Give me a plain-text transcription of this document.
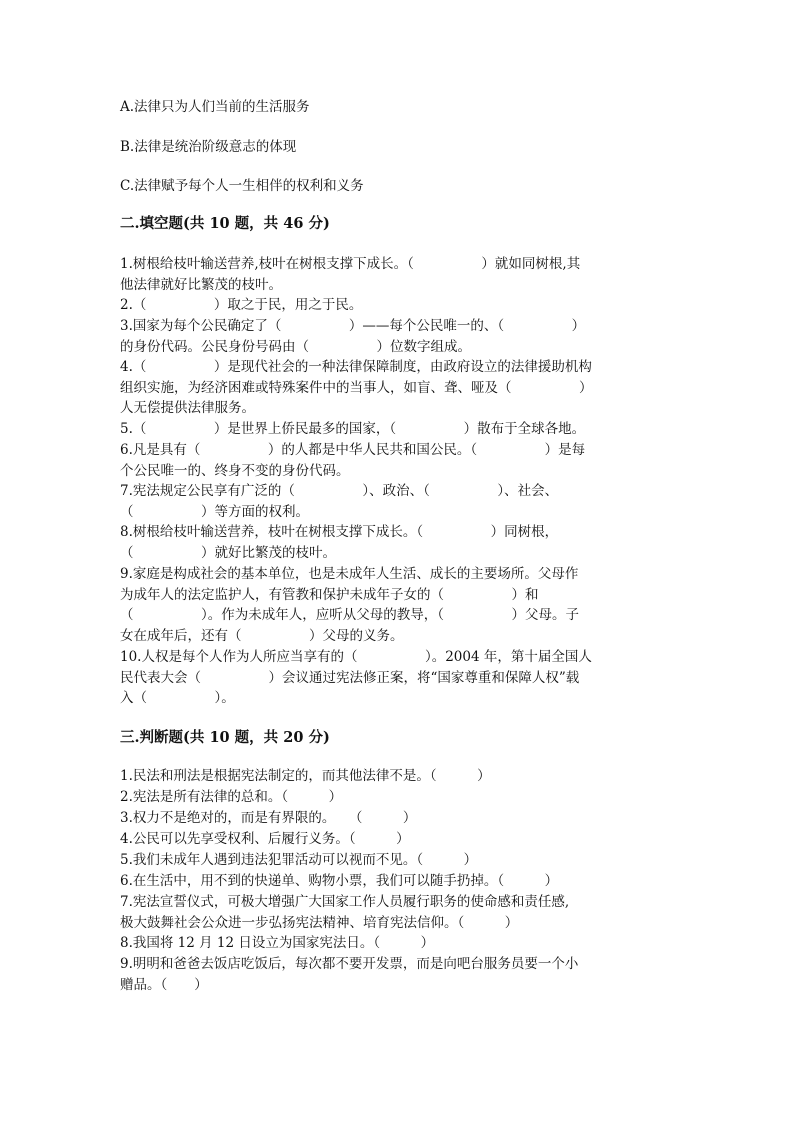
A.法律只为人们当前的生活服务
B.法律是统治阶级意志的体现
C.法律赋予每个人一生相伴的权利和义务
二.填空题(共 10 题，共 46 分)
1.树根给枝叶输送营养,枝叶在树根支撑下成长。（　　　　　）就如同树根,其
他法律就好比繁茂的枝叶。
2.（　　　　　）取之于民，用之于民。
3.国家为每个公民确定了（　　　　　）——每个公民唯一的、（　　　　　）
的身份代码。公民身份号码由（　　　　　）位数字组成。
4.（　　　　　）是现代社会的一种法律保障制度，由政府设立的法律援助机构
组织实施，为经济困难或特殊案件中的当事人，如盲、聋、哑及（　　　　　）
人无偿提供法律服务。
5.（　　　　　）是世界上侨民最多的国家，（　　　　　）散布于全球各地。
6.凡是具有（　　　　　）的人都是中华人民共和国公民。（　　　　　）是每
个公民唯一的、终身不变的身份代码。
7.宪法规定公民享有广泛的（　　　　　）、政治、（　　　　　）、社会、
（　　　　　）等方面的权利。
8.树根给枝叶输送营养，枝叶在树根支撑下成长。（　　　　　）同树根，
（　　　　　）就好比繁茂的枝叶。
9.家庭是构成社会的基本单位，也是未成年人生活、成长的主要场所。父母作
为成年人的法定监护人，有管教和保护未成年子女的（　　　　　）和
（　　　　　）。作为未成年人，应听从父母的教导，（　　　　　）父母。子
女在成年后，还有（　　　　　）父母的义务。
10.人权是每个人作为人所应当享有的（　　　　　）。2004 年，第十届全国人
民代表大会（　　　　　）会议通过宪法修正案，将“国家尊重和保障人权”载
入（　　　　　）。
三.判断题(共 10 题，共 20 分)
1.民法和刑法是根据宪法制定的，而其他法律不是。（　　　）
2.宪法是所有法律的总和。（　　　）
3.权力不是绝对的，而是有界限的。　　（　　　）
4.公民可以先享受权利、后履行义务。（　　　）
5.我们未成年人遇到违法犯罪活动可以视而不见。（　　　）
6.在生活中，用不到的快递单、购物小票，我们可以随手扔掉。（　　　）
7.宪法宣誓仪式，可极大增强广大国家工作人员履行职务的使命感和责任感,
极大鼓舞社会公众进一步弘扬宪法精神、培育宪法信仰。（　　　）
8.我国将 12 月 12 日设立为国家宪法日。（　　　）
9.明明和爸爸去饭店吃饭后，每次都不要开发票，而是向吧台服务员要一个小
赠品。（　　）
